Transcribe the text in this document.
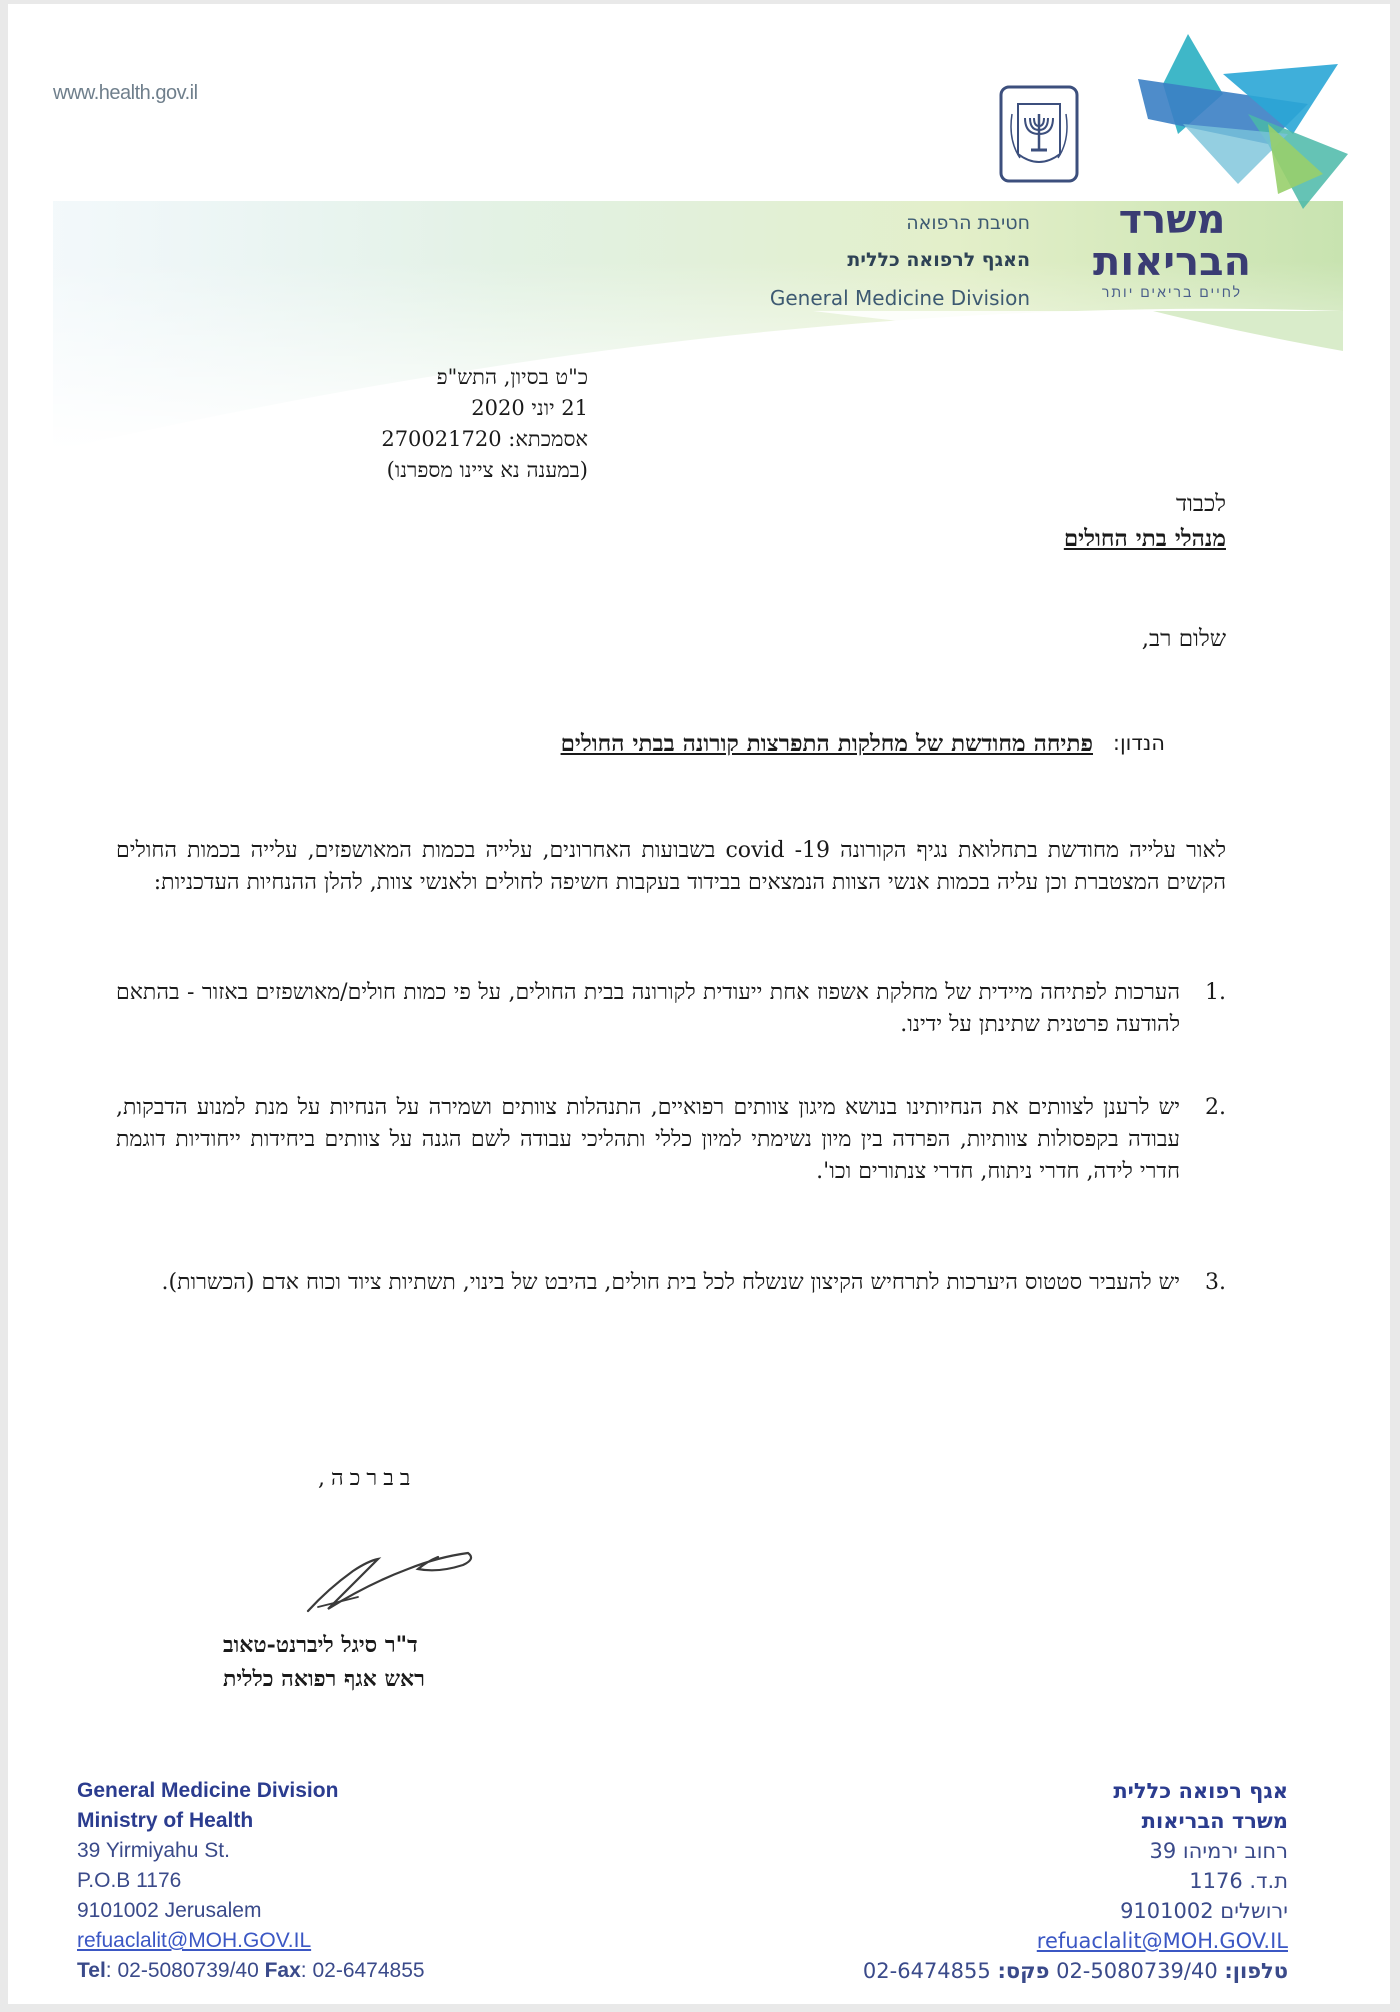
www.health.gov.il
משרד
הבריאות
לחיים בריאים יותר
חטיבת הרפואה
האגף לרפואה כללית
General Medicine Division
כ"ט בסיון, התש"פ
21 יוני 2020
אסמכתא: 270021720
(במענה נא ציינו מספרנו)
לכבוד
מנהלי בתי החולים
שלום רב,
הנדון:
פתיחה מחודשת של מחלקות התפרצות קורונה בבתי החולים
לאור עלייה מחודשת בתחלואת נגיף הקורונה covid -19 בשבועות האחרונים, עלייה בכמות המאושפזים, עלייה בכמות החולים הקשים המצטברת וכן עליה בכמות אנשי הצוות הנמצאים בבידוד בעקבות חשיפה לחולים ולאנשי צוות, להלן ההנחיות העדכניות:
1.
הערכות לפתיחה מיידית של מחלקת אשפוז אחת ייעודית לקורונה בבית החולים, על פי כמות חולים/מאושפזים באזור - בהתאם להודעה פרטנית שתינתן על ידינו.
2.
יש לרענן לצוותים את הנחיותינו בנושא מיגון צוותים רפואיים, התנהלות צוותים ושמירה על הנחיות על מנת למנוע הדבקות, עבודה בקפסולות צוותיות, הפרדה בין מיון נשימתי למיון כללי ותהליכי עבודה לשם הגנה על צוותים ביחידות ייחודיות דוגמת חדרי לידה, חדרי ניתוח, חדרי צנתורים וכו'.
3.
יש להעביר סטטוס היערכות לתרחיש הקיצון שנשלח לכל בית חולים, בהיבט של בינוי, תשתיות ציוד וכוח אדם (הכשרות).
בברכה,
ד"ר סיגל ליברנט-טאוב
ראש אגף רפואה כללית
General Medicine Division
Ministry of Health
39 Yirmiyahu St.
P.O.B 1176
9101002 Jerusalem
refuaclalit@MOH.GOV.IL
Tel: 02-5080739/40 Fax: 02-6474855
אגף רפואה כללית
משרד הבריאות
רחוב ירמיהו 39
ת.ד. 1176
ירושלים 9101002
refuaclalit@MOH.GOV.IL
טלפון: 02-5080739/40 פקס: 02-6474855
